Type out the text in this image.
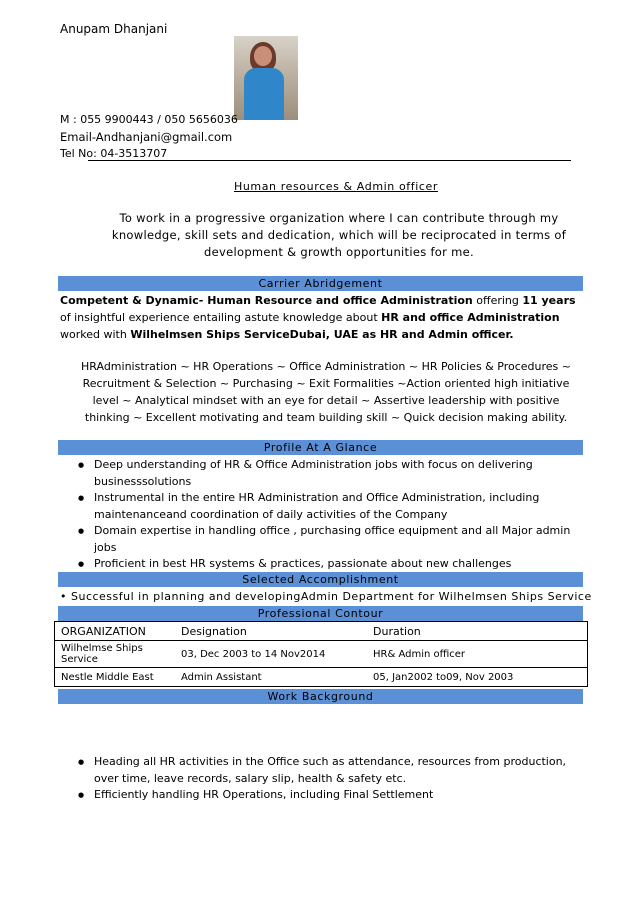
Anupam Dhanjani
M : 055 9900443 / 050 5656036
Email-Andhanjani@gmail.com
Tel No: 04-3513707
Human resources & Admin officer
To work in a progressive organization where I can contribute through my knowledge, skill sets and dedication, which will be reciprocated in terms of development & growth opportunities for me.
Carrier Abridgement
Competent & Dynamic- Human Resource and office Administration offering 11 years of insightful experience entailing astute knowledge about HR and office Administration worked with Wilhelmsen Ships ServiceDubai, UAE as HR and Admin officer.
HRAdministration ~ HR Operations ~ Office Administration ~ HR Policies & Procedures ~ Recruitment & Selection ~ Purchasing ~ Exit Formalities ~Action oriented high initiative level ~ Analytical mindset with an eye for detail ~ Assertive leadership with positive thinking ~ Excellent motivating and team building skill ~ Quick decision making ability.
Profile At A Glance
● Deep understanding of HR & Office Administration jobs with focus on delivering businesssolutions
● Instrumental in the entire HR Administration and Office Administration, including maintenanceand coordination of daily activities of the Company
● Domain expertise in handling office , purchasing office equipment and all Major admin jobs
● Proficient in best HR systems & practices, passionate about new challenges
Selected Accomplishment
• Successful in planning and developingAdmin Department for Wilhelmsen Ships Service
Professional Contour
ORGANIZATION	Designation	Duration
Wilhelmse Ships Service	03, Dec 2003 to 14 Nov2014	HR& Admin officer
Nestle Middle East	Admin Assistant	05, Jan2002 to09, Nov 2003
Work Background
● Heading all HR activities in the Office such as attendance, resources from production, over time, leave records, salary slip, health & safety etc.
● Efficiently handling HR Operations, including Final Settlement
